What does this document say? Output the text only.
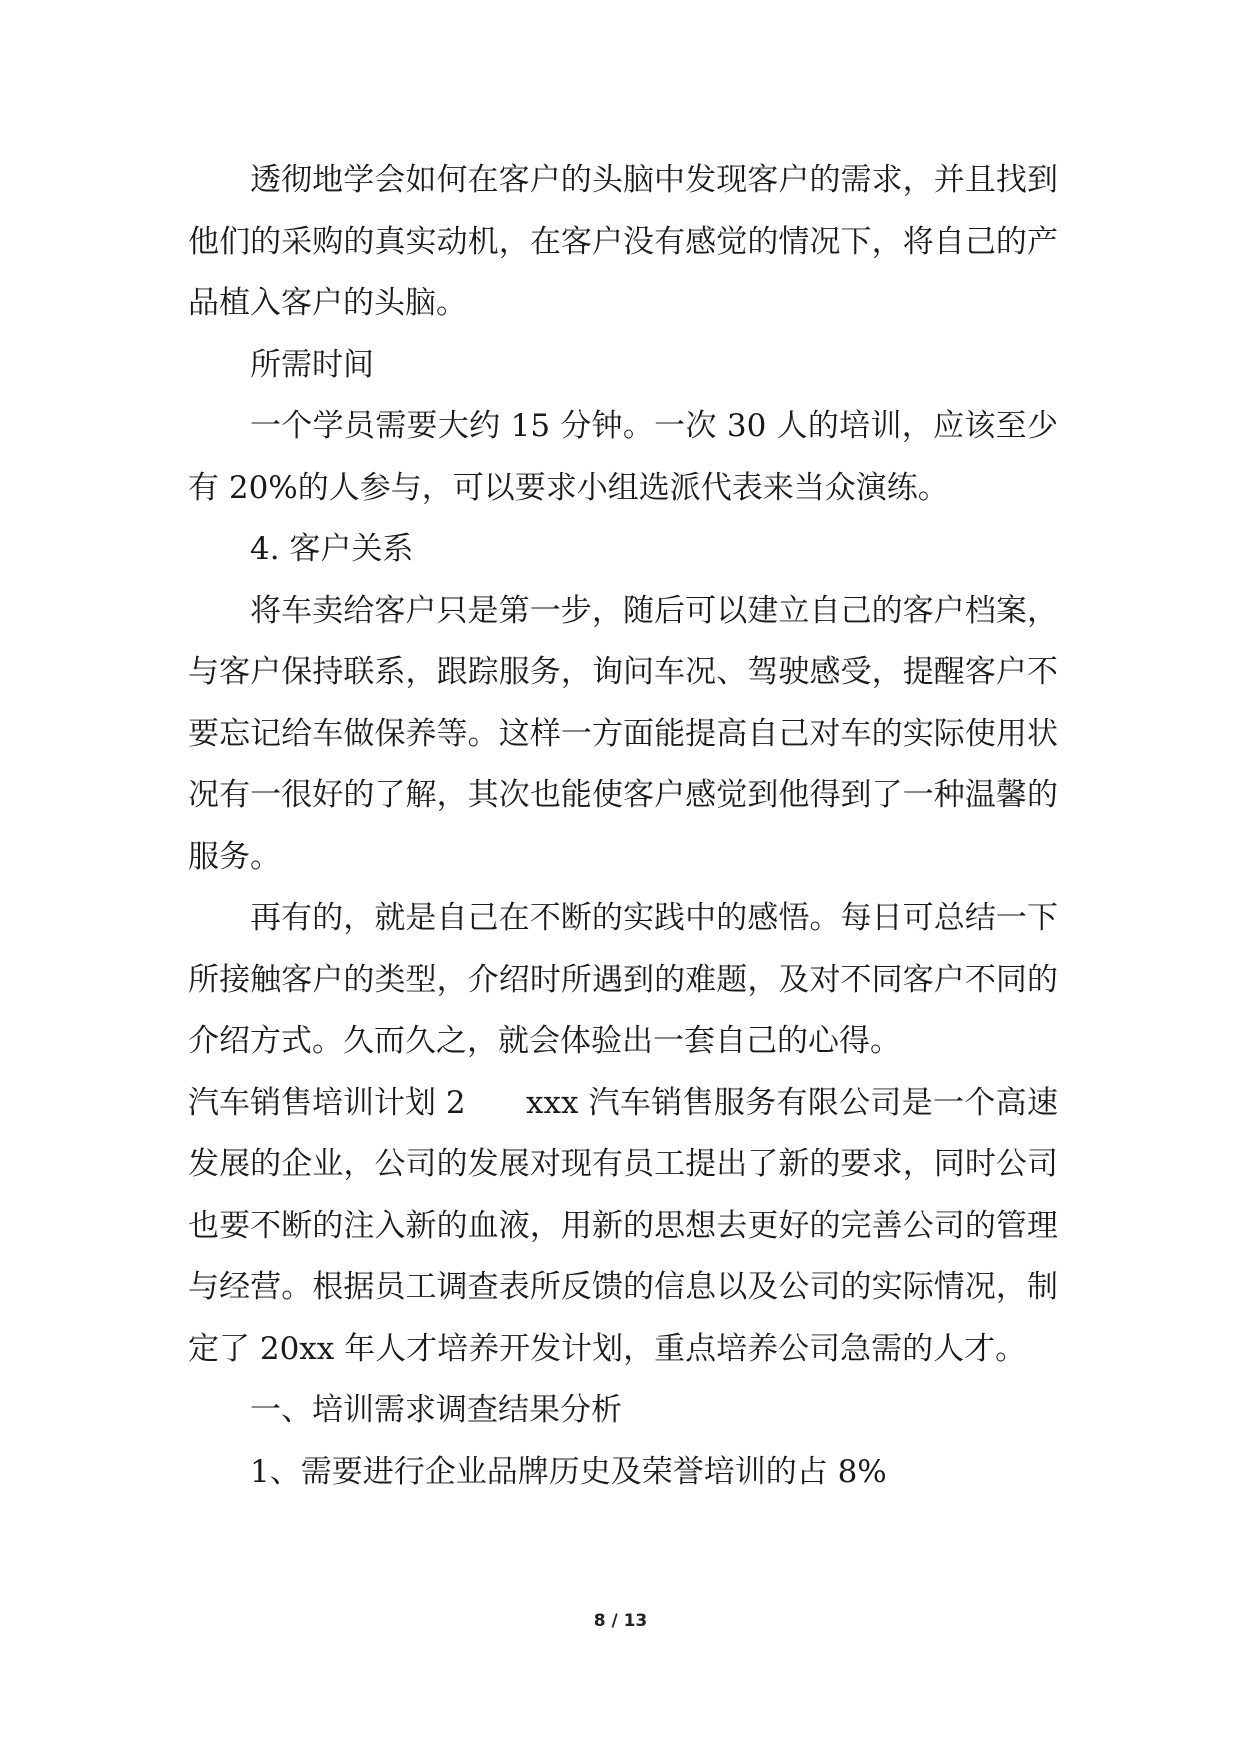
透彻地学会如何在客户的头脑中发现客户的需求，并且找到他们的采购的真实动机，在客户没有感觉的情况下，将自己的产品植入客户的头脑。

所需时间

一个学员需要大约 15 分钟。一次 30 人的培训，应该至少有 20%的人参与，可以要求小组选派代表来当众演练。

4. 客户关系

将车卖给客户只是第一步，随后可以建立自己的客户档案，与客户保持联系，跟踪服务，询问车况、驾驶感受，提醒客户不要忘记给车做保养等。这样一方面能提高自己对车的实际使用状况有一很好的了解，其次也能使客户感觉到他得到了一种温馨的服务。

再有的，就是自己在不断的实践中的感悟。每日可总结一下所接触客户的类型，介绍时所遇到的难题，及对不同客户不同的介绍方式。久而久之，就会体验出一套自己的心得。

汽车销售培训计划 2 xxx 汽车销售服务有限公司是一个高速发展的企业，公司的发展对现有员工提出了新的要求，同时公司也要不断的注入新的血液，用新的思想去更好的完善公司的管理与经营。根据员工调查表所反馈的信息以及公司的实际情况，制定了 20xx 年人才培养开发计划，重点培养公司急需的人才。

一、培训需求调查结果分析

1、需要进行企业品牌历史及荣誉培训的占 8%

8 / 13
